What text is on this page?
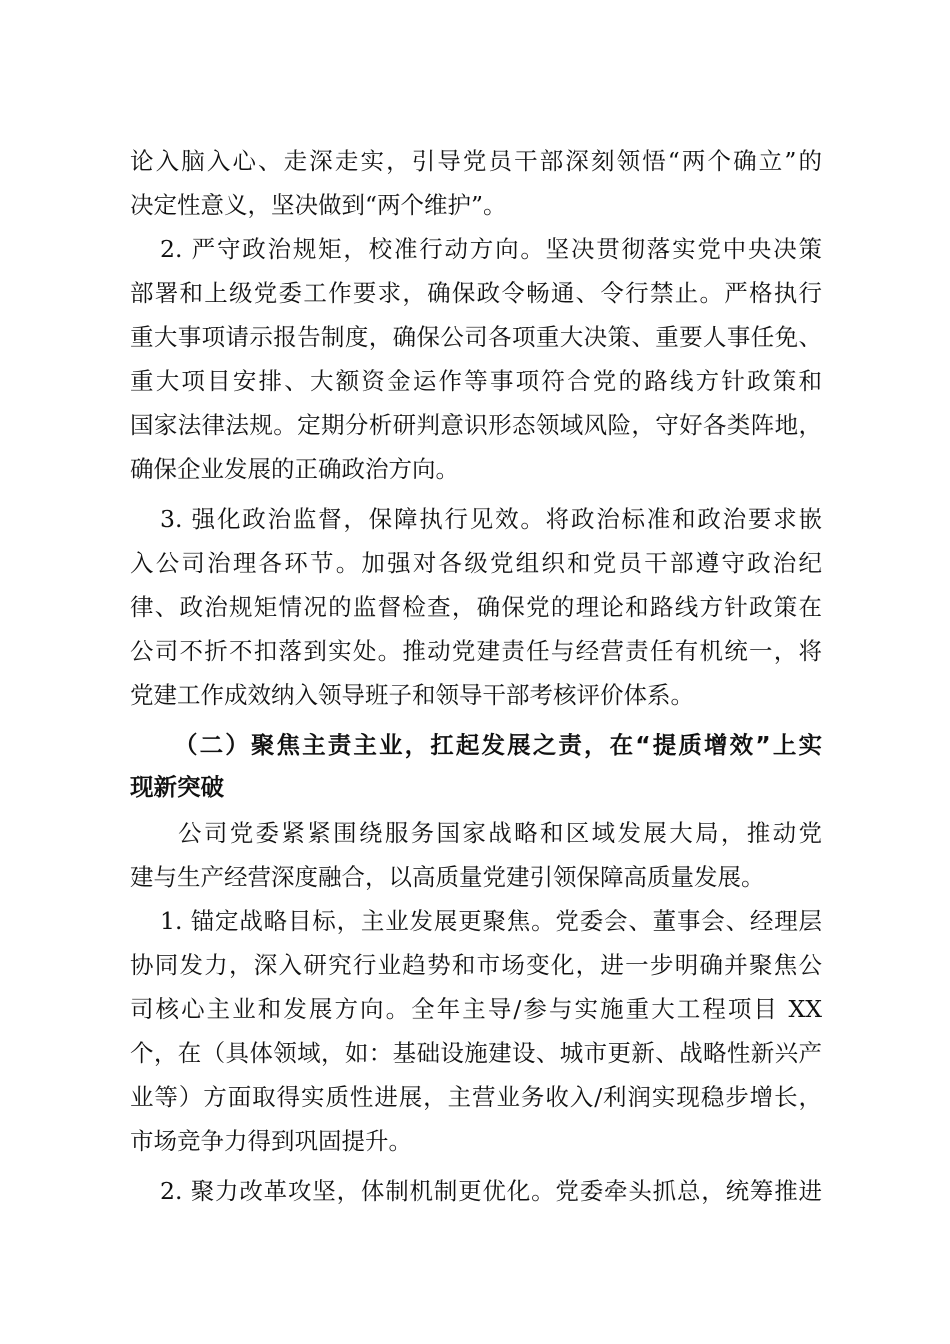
论入脑入心、走深走实，引导党员干部深刻领悟“两个确立”的
决定性意义，坚决做到“两个维护”。
2. 严守政治规矩，校准行动方向。坚决贯彻落实党中央决策
部署和上级党委工作要求，确保政令畅通、令行禁止。严格执行
重大事项请示报告制度，确保公司各项重大决策、重要人事任免、
重大项目安排、大额资金运作等事项符合党的路线方针政策和
国家法律法规。定期分析研判意识形态领域风险，守好各类阵地，
确保企业发展的正确政治方向。
3. 强化政治监督，保障执行见效。将政治标准和政治要求嵌
入公司治理各环节。加强对各级党组织和党员干部遵守政治纪
律、政治规矩情况的监督检查，确保党的理论和路线方针政策在
公司不折不扣落到实处。推动党建责任与经营责任有机统一，将
党建工作成效纳入领导班子和领导干部考核评价体系。
（二）聚焦主责主业，扛起发展之责，在“提质增效”上实
现新突破
公司党委紧紧围绕服务国家战略和区域发展大局，推动党
建与生产经营深度融合，以高质量党建引领保障高质量发展。
1. 锚定战略目标，主业发展更聚焦。党委会、董事会、经理层
协同发力，深入研究行业趋势和市场变化，进一步明确并聚焦公
司核心主业和发展方向。全年主导/参与实施重大工程项目 XX
个，在（具体领域，如：基础设施建设、城市更新、战略性新兴产
业等）方面取得实质性进展，主营业务收入/利润实现稳步增长，
市场竞争力得到巩固提升。
2. 聚力改革攻坚，体制机制更优化。党委牵头抓总，统筹推进
